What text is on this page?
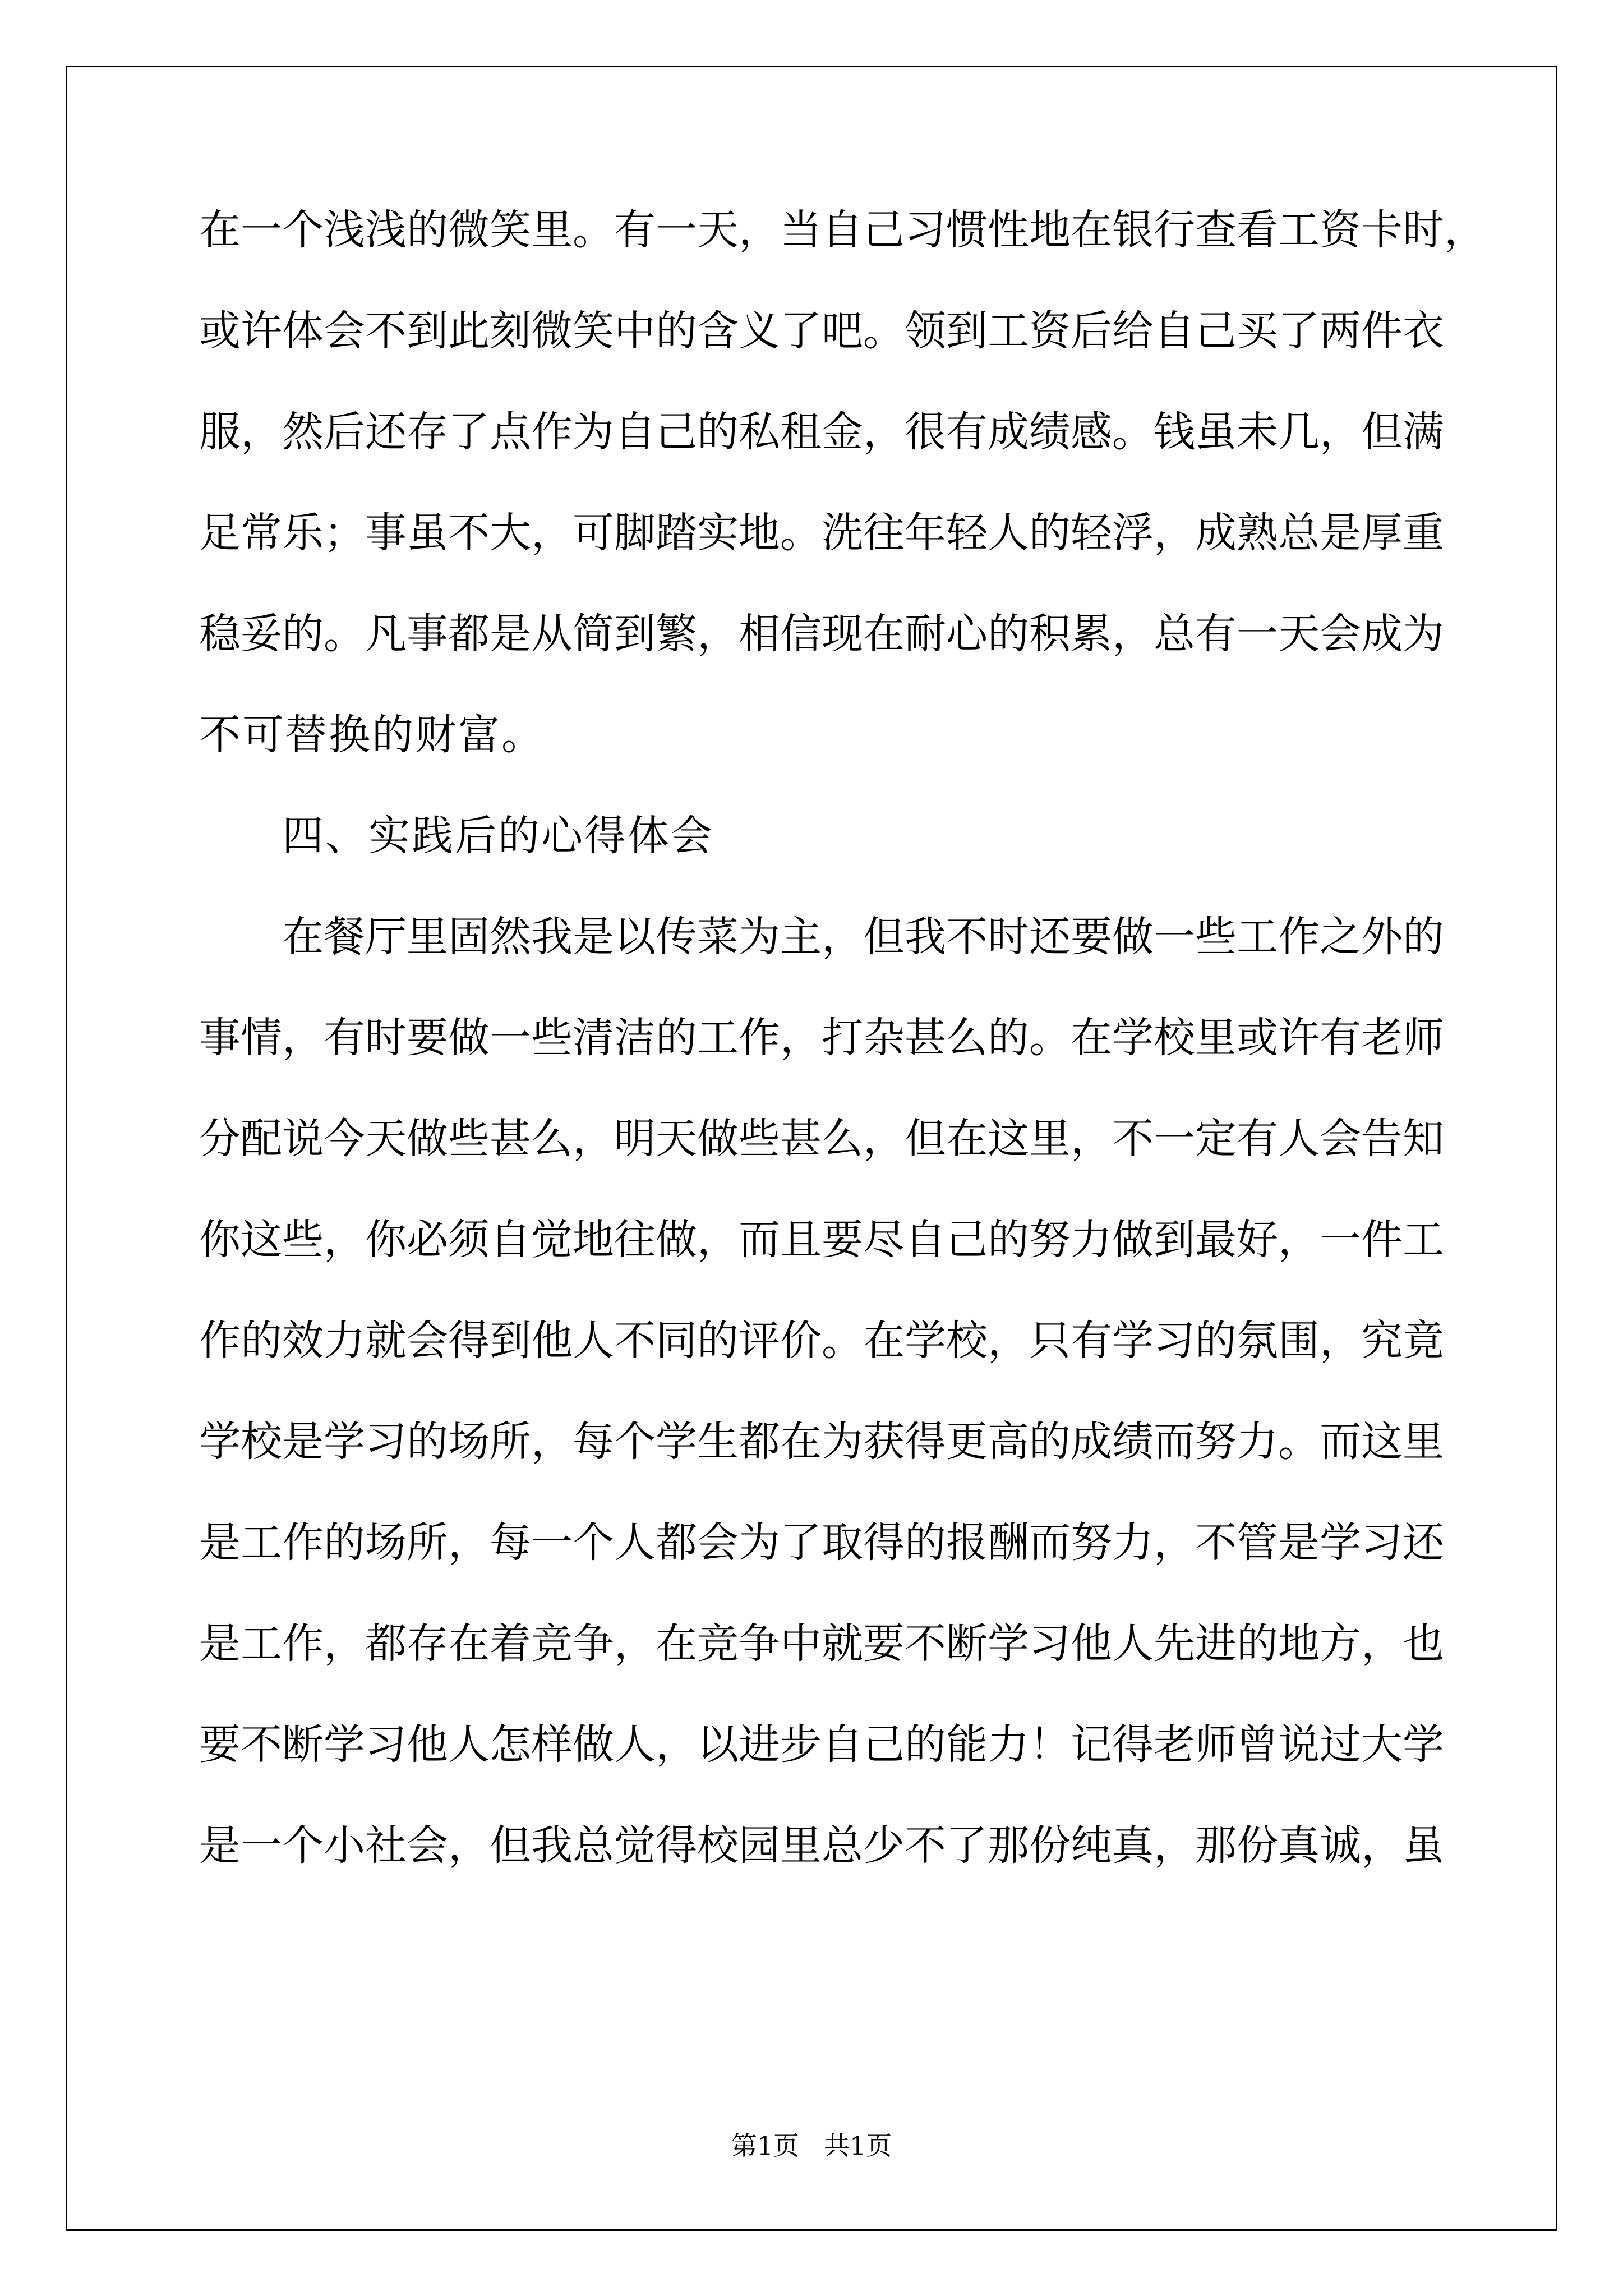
在一个浅浅的微笑里。有一天，当自己习惯性地在银行查看工资卡时，
或许体会不到此刻微笑中的含义了吧。领到工资后给自己买了两件衣
服，然后还存了点作为自己的私租金，很有成绩感。钱虽未几，但满
足常乐；事虽不大，可脚踏实地。洗往年轻人的轻浮，成熟总是厚重
稳妥的。凡事都是从简到繁，相信现在耐心的积累，总有一天会成为
不可替换的财富。
四、实践后的心得体会
在餐厅里固然我是以传菜为主，但我不时还要做一些工作之外的
事情，有时要做一些清洁的工作，打杂甚么的。在学校里或许有老师
分配说今天做些甚么，明天做些甚么，但在这里，不一定有人会告知
你这些，你必须自觉地往做，而且要尽自己的努力做到最好，一件工
作的效力就会得到他人不同的评价。在学校，只有学习的氛围，究竟
学校是学习的场所，每个学生都在为获得更高的成绩而努力。而这里
是工作的场所，每一个人都会为了取得的报酬而努力，不管是学习还
是工作，都存在着竞争，在竞争中就要不断学习他人先进的地方，也
要不断学习他人怎样做人，以进步自己的能力！记得老师曾说过大学
是一个小社会，但我总觉得校园里总少不了那份纯真，那份真诚，虽
第1页 共1页
